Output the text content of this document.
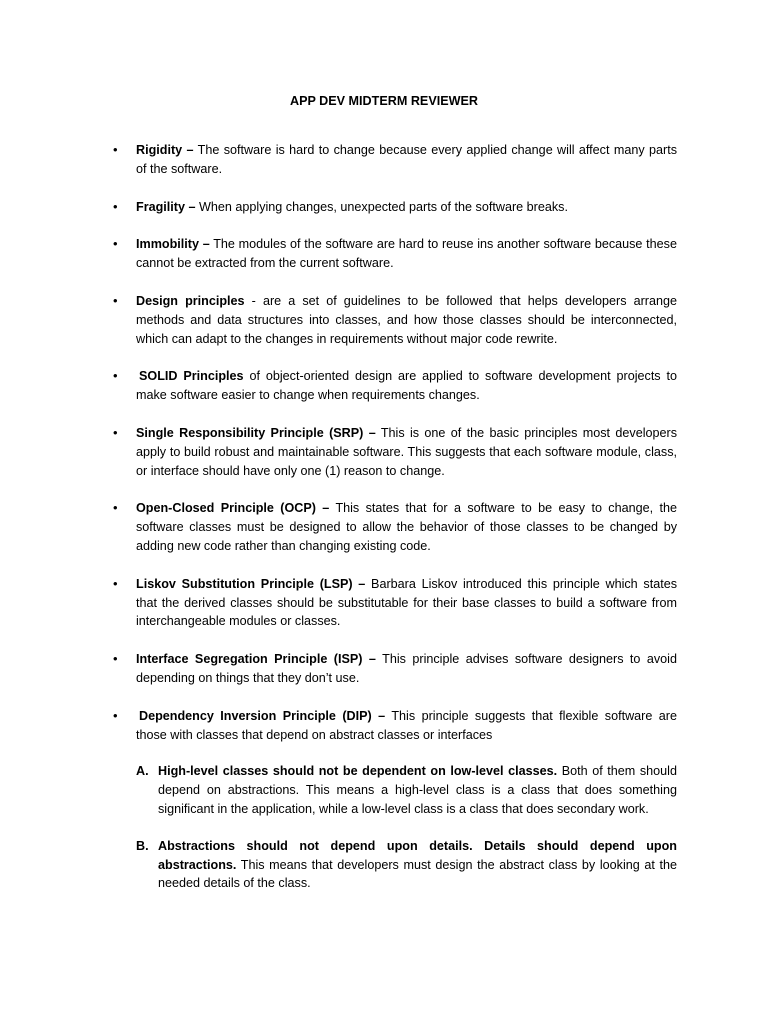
APP DEV MIDTERM REVIEWER
• Rigidity – The software is hard to change because every applied change will affect many parts of the software.
• Fragility – When applying changes, unexpected parts of the software breaks.
• Immobility – The modules of the software are hard to reuse ins another software because these cannot be extracted from the current software.
• Design principles - are a set of guidelines to be followed that helps developers arrange methods and data structures into classes, and how those classes should be interconnected, which can adapt to the changes in requirements without major code rewrite.
• SOLID Principles of object-oriented design are applied to software development projects to make software easier to change when requirements changes.
• Single Responsibility Principle (SRP) – This is one of the basic principles most developers apply to build robust and maintainable software. This suggests that each software module, class, or interface should have only one (1) reason to change.
• Open-Closed Principle (OCP) – This states that for a software to be easy to change, the software classes must be designed to allow the behavior of those classes to be changed by adding new code rather than changing existing code.
• Liskov Substitution Principle (LSP) – Barbara Liskov introduced this principle which states that the derived classes should be substitutable for their base classes to build a software from interchangeable modules or classes.
• Interface Segregation Principle (ISP) – This principle advises software designers to avoid depending on things that they don’t use.
• Dependency Inversion Principle (DIP) – This principle suggests that flexible software are those with classes that depend on abstract classes or interfaces
A. High-level classes should not be dependent on low-level classes. Both of them should depend on abstractions. This means a high-level class is a class that does something significant in the application, while a low-level class is a class that does secondary work.
B. Abstractions should not depend upon details. Details should depend upon abstractions. This means that developers must design the abstract class by looking at the needed details of the class.
